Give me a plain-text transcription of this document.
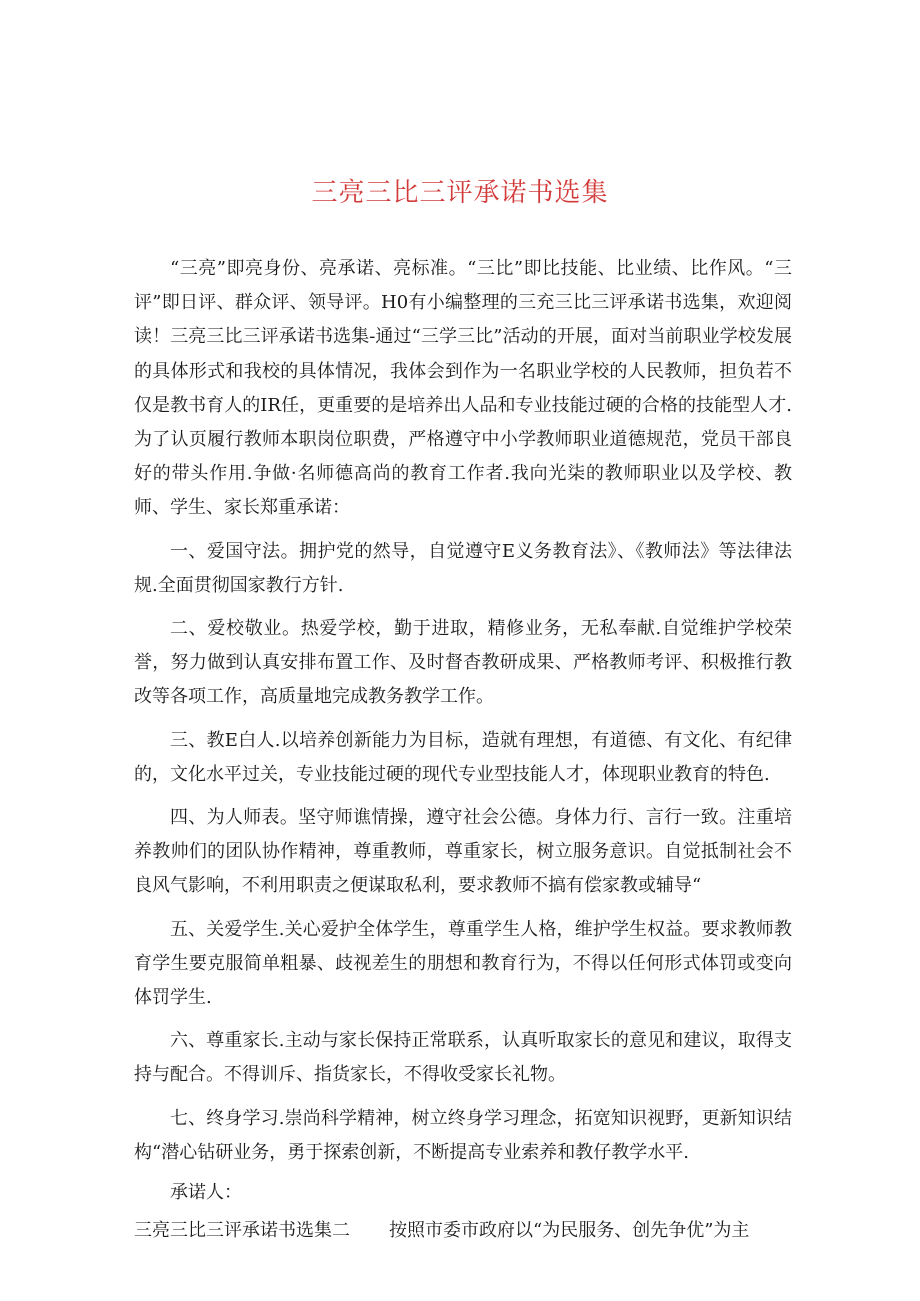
三亮三比三评承诺书选集

“三亮”即亮身份、亮承诺、亮标准。“三比”即比技能、比业绩、比作风。“三评”即日评、群众评、领导评。H0有小编整理的三充三比三评承诺书选集，欢迎阅读！三亮三比三评承诺书选集-通过“三学三比”活动的开展，面对当前职业学校发展的具体形式和我校的具体情况，我体会到作为一名职业学校的人民教师，担负若不仅是教书育人的IR任，更重要的是培养出人品和专业技能过硬的合格的技能型人才.为了认页履行教师本职岗位职费，严格遵守中小学教师职业道德规范，党员干部良好的带头作用.争做·名师德高尚的教育工作者.我向光柒的教师职业以及学校、教师、学生、家长郑重承诺：

一、爱国守法。拥护党的然导，自觉遵守E义务教育法》、《教师法》等法律法规.全面贯彻国家教行方针.

二、爱校敬业。热爱学校，勤于进取，精修业务，无私奉献.自觉维护学校荣誉，努力做到认真安排布置工作、及时督杳教研成果、严格教师考评、积极推行教改等各项工作，高质量地完成教务教学工作。

三、教E白人.以培养创新能力为目标，造就有理想，有道德、有文化、有纪律的，文化水平过关，专业技能过硬的现代专业型技能人才，体现职业教育的特色.

四、为人师表。坚守师谯情操，遵守社会公德。身体力行、言行一致。注重培养教帅们的团队协作精神，尊重教师，尊重家长，树立服务意识。自觉抵制社会不良风气影响，不利用职责之便谋取私利，要求教师不搞有偿家教或辅导“

五、关爱学生.关心爱护全体学生，尊重学生人格，维护学生权益。要求教师教育学生要克服简单粗暴、歧视差生的朋想和教育行为，不得以任何形式体罚或变向体罚学生.

六、尊重家长.主动与家长保持正常联系，认真听取家长的意见和建议，取得支持与配合。不得训斥、指货家长，不得收受家长礼物。

七、终身学习.崇尚科学精神，树立终身学习理念，拓宽知识视野，更新知识结构“潜心钻研业务，勇于探索创新，不断提高专业索养和教仔教学水平.

承诺人：

三亮三比三评承诺书选集二	按照市委市政府以“为民服务、创先争优”为主
